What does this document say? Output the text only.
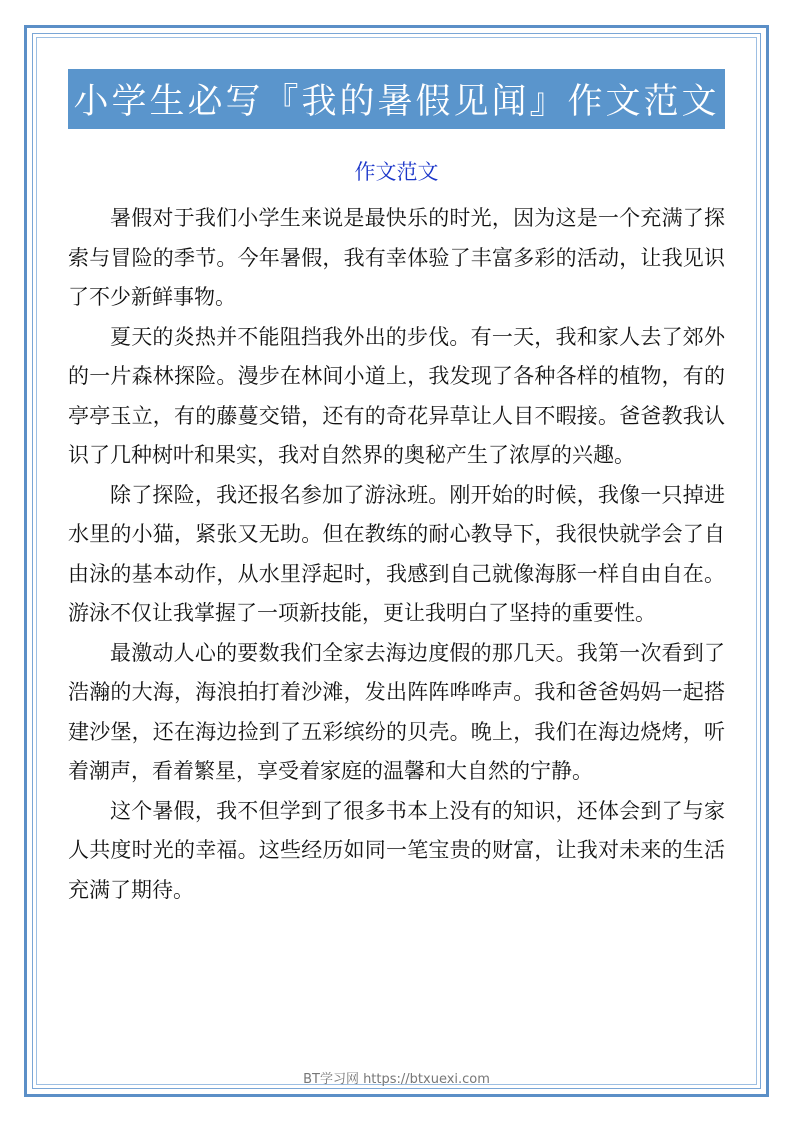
小学生必写『我的暑假见闻』作文范文
作文范文

暑假对于我们小学生来说是最快乐的时光，因为这是一个充满了探索与冒险的季节。今年暑假，我有幸体验了丰富多彩的活动，让我见识了不少新鲜事物。

夏天的炎热并不能阻挡我外出的步伐。有一天，我和家人去了郊外的一片森林探险。漫步在林间小道上，我发现了各种各样的植物，有的亭亭玉立，有的藤蔓交错，还有的奇花异草让人目不暇接。爸爸教我认识了几种树叶和果实，我对自然界的奥秘产生了浓厚的兴趣。

除了探险，我还报名参加了游泳班。刚开始的时候，我像一只掉进水里的小猫，紧张又无助。但在教练的耐心教导下，我很快就学会了自由泳的基本动作，从水里浮起时，我感到自己就像海豚一样自由自在。游泳不仅让我掌握了一项新技能，更让我明白了坚持的重要性。

最激动人心的要数我们全家去海边度假的那几天。我第一次看到了浩瀚的大海，海浪拍打着沙滩，发出阵阵哗哗声。我和爸爸妈妈一起搭建沙堡，还在海边捡到了五彩缤纷的贝壳。晚上，我们在海边烧烤，听着潮声，看着繁星，享受着家庭的温馨和大自然的宁静。

这个暑假，我不但学到了很多书本上没有的知识，还体会到了与家人共度时光的幸福。这些经历如同一笔宝贵的财富，让我对未来的生活充满了期待。

BT学习网 https://btxuexi.com
